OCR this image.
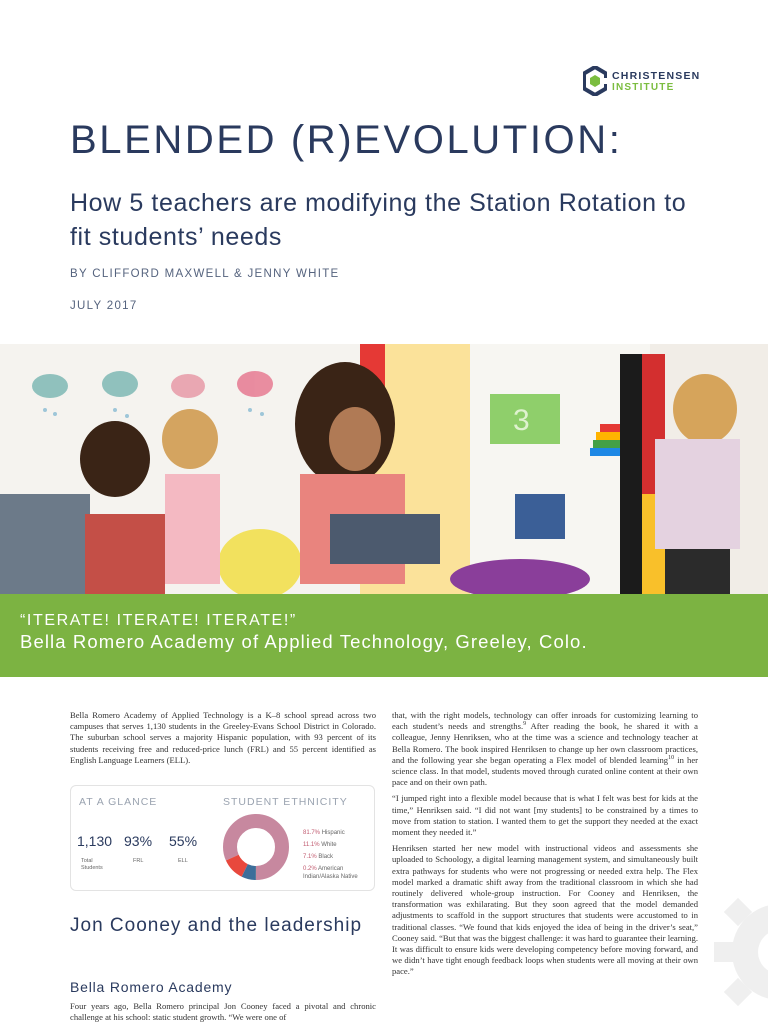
CHRISTENSEN
INSTITUTE
BLENDED (R)EVOLUTION:
How 5 teachers are modifying the Station Rotation to fit students’ needs
BY CLIFFORD MAXWELL & JENNY WHITE
JULY 2017
3
“ITERATE! ITERATE! ITERATE!”
Bella Romero Academy of Applied Technology, Greeley, Colo.
Bella Romero Academy of Applied Technology is a K–8 school spread across two campuses that serves 1,130 students in the Greeley-Evans School District in Colorado. The suburban school serves a majority Hispanic population, with 93 percent of its students receiving free and reduced-price lunch (FRL) and 55 percent identified as English Language Learners (ELL).
AT A GLANCE	STUDENT ETHNICITY
1,130
Total Students
93%
FRL
55%
ELL
81.7% Hispanic
11.1% White
7.1% Black
0.2% American Indian/Alaska Native
Jon Cooney and the leadership
Bella Romero Academy
Four years ago, Bella Romero principal Jon Cooney faced a pivotal and chronic challenge at his school: static student growth. “We were one of

that, with the right models, technology can offer inroads for customizing learning to each student’s needs and strengths.$^9$ After reading the book, he shared it with a colleague, Jenny Henriksen, who at the time was a science and technology teacher at Bella Romero. The book inspired Henriksen to change up her own classroom practices, and the following year she began operating a Flex model of blended learning$^{10}$ in her science class. In that model, students moved through curated online content at their own pace and on their own path.

“I jumped right into a flexible model because that is what I felt was best for kids at the time,” Henriksen said. “I did not want [my students] to be constrained by a times to move from station to station. I wanted them to get the support they needed at the exact moment they needed it.”

Henriksen started her new model with instructional videos and assessments she uploaded to Schoology, a digital learning management system, and simultaneously built extra pathways for students who were not progressing or needed extra help. The Flex model marked a dramatic shift away from the traditional classroom in which she had routinely delivered whole-group instruction. For Cooney and Henriksen, the transformation was exhilarating. But they soon agreed that the model demanded adjustments to scaffold in the support structures that students were accustomed to in traditional classes. “We found that kids enjoyed the idea of being in the driver’s seat,” Cooney said. “But that was the biggest challenge: it was hard to guarantee their learning. It was difficult to ensure kids were developing competency before moving forward, and we didn’t have tight enough feedback loops when students were all moving at their own pace.”
